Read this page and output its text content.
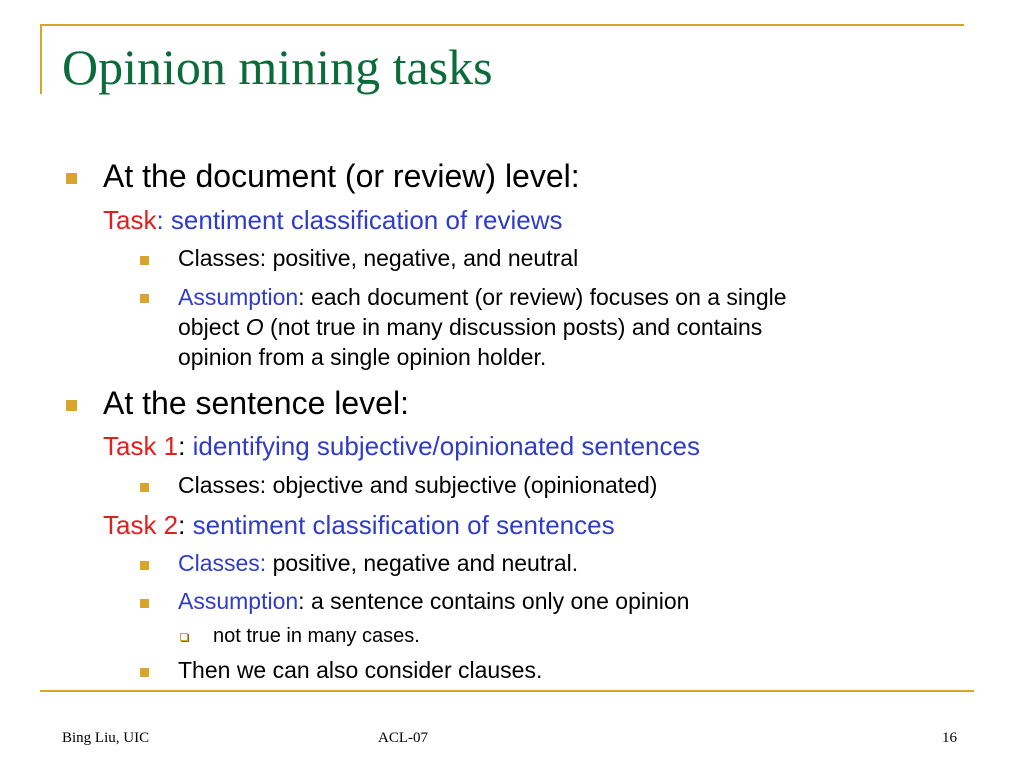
Opinion mining tasks
At the document (or review) level:
Task: sentiment classification of reviews
Classes: positive, negative, and neutral
Assumption: each document (or review) focuses on a single
object O (not true in many discussion posts) and contains
opinion from a single opinion holder.
At the sentence level:
Task 1: identifying subjective/opinionated sentences
Classes: objective and subjective (opinionated)
Task 2: sentiment classification of sentences
Classes: positive, negative and neutral.
Assumption: a sentence contains only one opinion
not true in many cases.
Then we can also consider clauses.
Bing Liu, UIC	ACL-07	16
